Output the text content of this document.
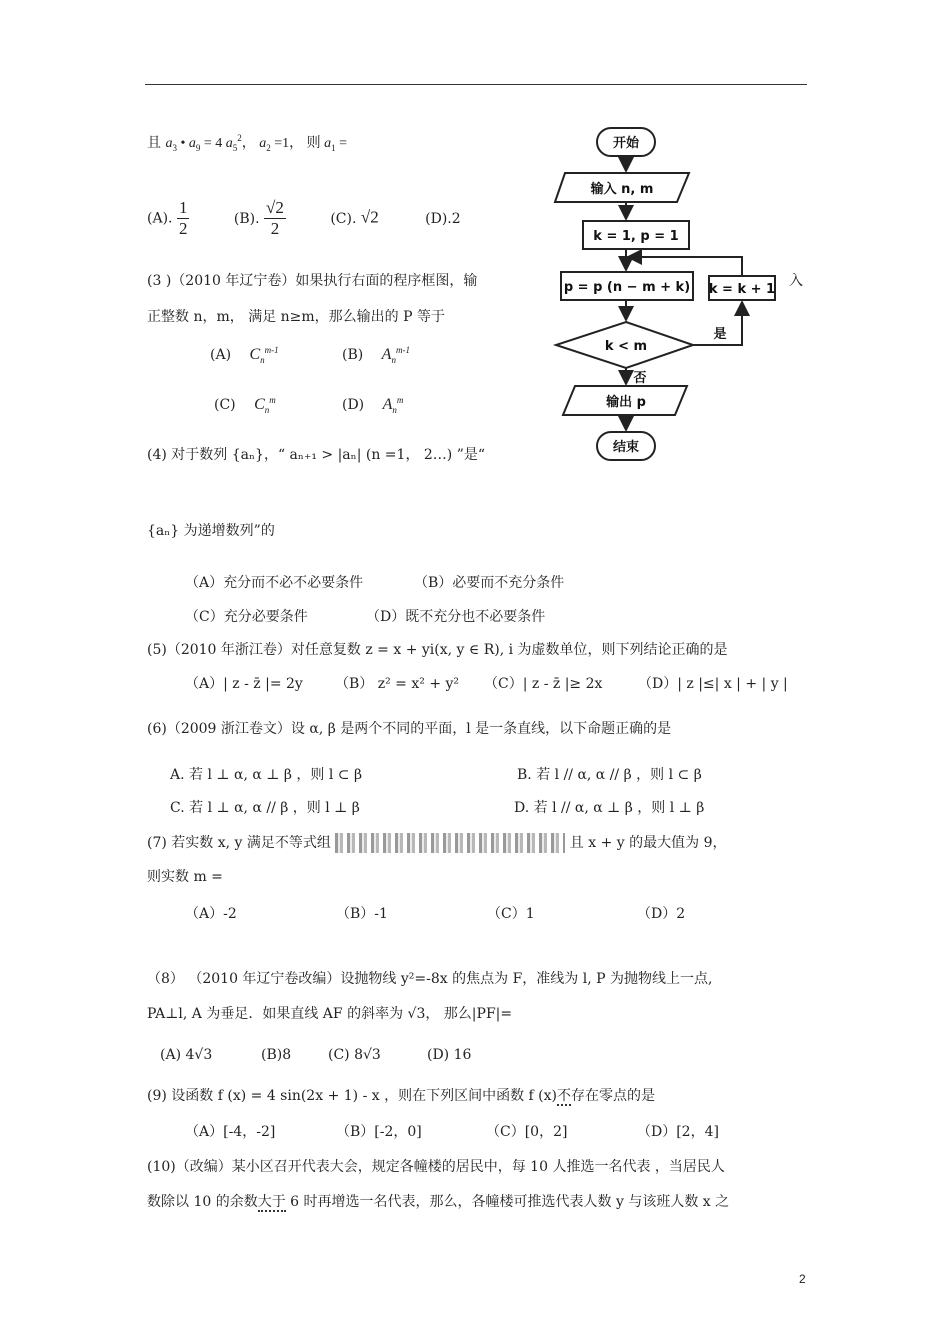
且 $a_3$ • $a_9 = 4$ $a_5^2$， $a_2 =1$， 则 $a_1$ =
(A). $\frac{1}{2}$	(B). $\frac{√2}{2}$	(C). √2	(D).2
(3 )（2010 年辽宁卷）如果执行右面的程序框图，输	入
正整数 n，m， 满足 n≥m，那么输出的 P 等于
(A) $C_n^{m-1}$	(B) $A_n^{m-1}$
(C) $C_n^m$	(D) $A_n^m$
开始
输入 n, m
k = 1, p = 1
p = p (n − m + k) k = k + 1
k < m
是
否
输出 p
结束
(4) 对于数列 {aₙ}，“ aₙ₊₁ > |aₙ| (n =1， 2…) ”是“
{aₙ} 为递增数列”的
（A）充分而不必不必要条件	（B）必要而不充分条件
（C）充分必要条件	（D）既不充分也不必要条件
(5)（2010 年浙江卷）对任意复数 z = x + yi(x, y ∈ R), i 为虚数单位，则下列结论正确的是
（A）| z - z̄ |= 2y （B） z² = x² + y² （C）| z - z̄ |≥ 2x	（D）| z |≤| x | + | y |
(6)（2009 浙江卷文）设 α, β 是两个不同的平面，l 是一条直线，以下命题正确的是
A. 若 l ⊥ α, α ⊥ β ，则 l ⊂ β	B. 若 l // α, α // β ，则 l ⊂ β
C. 若 l ⊥ α, α // β ，则 l ⊥ β	D. 若 l // α, α ⊥ β ，则 l ⊥ β
(7) 若实数 x, y 满足不等式组	且 x + y 的最大值为 9，
则实数 m =
（A）-2	（B）-1	（C）1	（D）2
（8） （2010 年辽宁卷改编）设抛物线 y²=-8x 的焦点为 F，准线为 l, P 为抛物线上一点,
PA⊥l, A 为垂足．如果直线 AF 的斜率为 √3， 那么|PF|=
(A) 4√3	(B)8	(C) 8√3	(D) 16
(9) 设函数 f (x) = 4 sin(2x + 1) - x ，则在下列区间中函数 f (x)不存在零点的是
（A）[-4，-2]	（B）[-2，0]	（C）[0，2]	（D）[2，4]
(10)（改编）某小区召开代表大会，规定各幢楼的居民中，每 10 人推选一名代表 ，当居民人
数除以 10 的余数大于 6 时再增选一名代表，那么，各幢楼可推选代表人数 y 与该班人数 x 之
2
